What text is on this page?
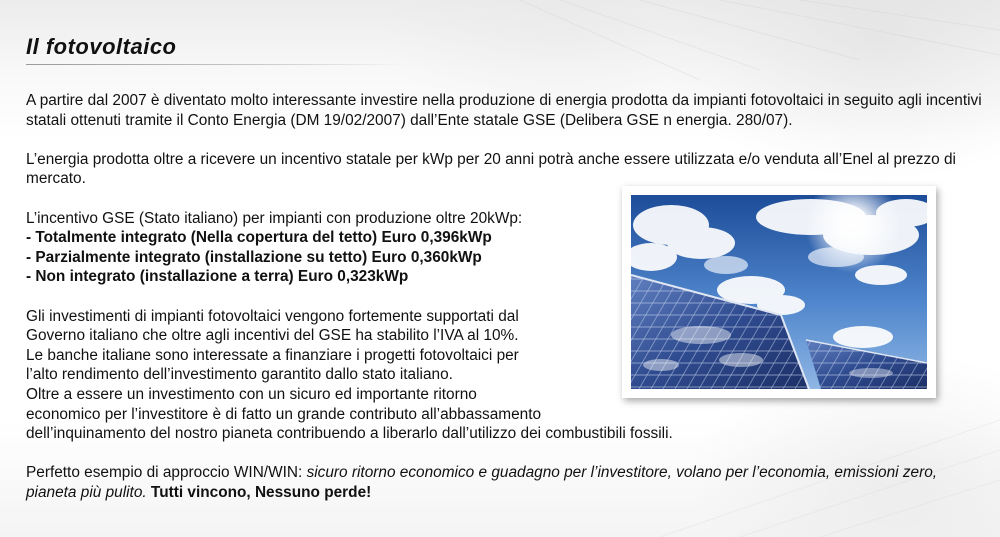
Il fotovoltaico

A partire dal 2007 è diventato molto interessante investire nella produzione di energia prodotta da impianti fotovoltaici in seguito agli incentivi statali ottenuti tramite il Conto Energia (DM 19/02/2007) dall’Ente statale GSE (Delibera GSE n energia. 280/07).

L’energia prodotta oltre a ricevere un incentivo statale per kWp per 20 anni potrà anche essere utilizzata e/o venduta all’Enel al prezzo di mercato.

L’incentivo GSE (Stato italiano) per impianti con produzione oltre 20kWp:
- Totalmente integrato (Nella copertura del tetto) Euro 0,396kWp
- Parzialmente integrato (installazione su tetto) Euro 0,360kWp
- Non integrato (installazione a terra) Euro 0,323kWp

Gli investimenti di impianti fotovoltaici vengono fortemente supportati dal
Governo italiano che oltre agli incentivi del GSE ha stabilito l’IVA al 10%.
Le banche italiane sono interessate a finanziare i progetti fotovoltaici per
l’alto rendimento dell’investimento garantito dallo stato italiano.
Oltre a essere un investimento con un sicuro ed importante ritorno
economico per l’investitore è di fatto un grande contributo all’abbassamento dell’inquinamento del nostro pianeta contribuendo a liberarlo dall’utilizzo dei combustibili fossili.

Perfetto esempio di approccio WIN/WIN: sicuro ritorno economico e guadagno per l’investitore, volano per l’economia, emissioni zero, pianeta più pulito. Tutti vincono, Nessuno perde!
